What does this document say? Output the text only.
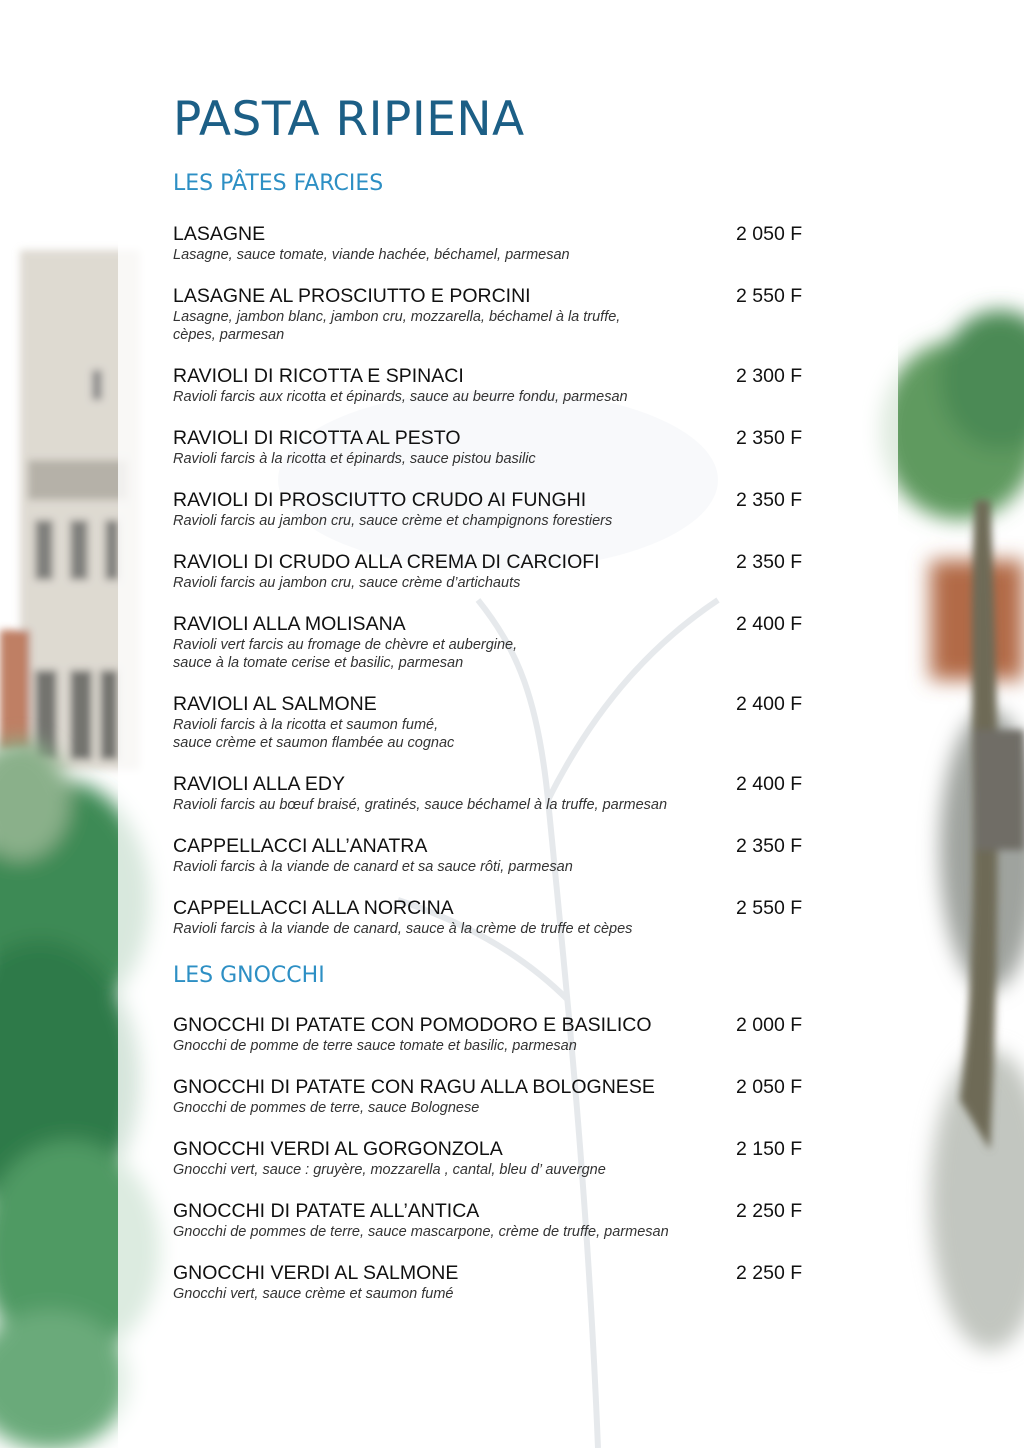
PASTA RIPIENA
LES PÂTES FARCIES
LASAGNE	2 050 F
Lasagne, sauce tomate, viande hachée, béchamel, parmesan
LASAGNE AL PROSCIUTTO E PORCINI	2 550 F
Lasagne, jambon blanc, jambon cru, mozzarella, béchamel à la truffe,
cèpes, parmesan
RAVIOLI DI RICOTTA E SPINACI	2 300 F
Ravioli farcis aux ricotta et épinards, sauce au beurre fondu, parmesan
RAVIOLI DI RICOTTA AL PESTO	2 350 F
Ravioli farcis à la ricotta et épinards, sauce pistou basilic
RAVIOLI DI PROSCIUTTO CRUDO AI FUNGHI	2 350 F
Ravioli farcis au jambon cru, sauce crème et champignons forestiers
RAVIOLI DI CRUDO ALLA CREMA DI CARCIOFI	2 350 F
Ravioli farcis au jambon cru, sauce crème d’artichauts
RAVIOLI ALLA MOLISANA	2 400 F
Ravioli vert farcis au fromage de chèvre et aubergine,
sauce à la tomate cerise et basilic, parmesan
RAVIOLI AL SALMONE	2 400 F
Ravioli farcis à la ricotta et saumon fumé,
sauce crème et saumon flambée au cognac
RAVIOLI ALLA EDY	2 400 F
Ravioli farcis au bœuf braisé, gratinés, sauce béchamel à la truffe, parmesan
CAPPELLACCI ALL’ANATRA	2 350 F
Ravioli farcis à la viande de canard et sa sauce rôti, parmesan
CAPPELLACCI ALLA NORCINA	2 550 F
Ravioli farcis à la viande de canard, sauce à la crème de truffe et cèpes
LES GNOCCHI
GNOCCHI DI PATATE CON POMODORO E BASILICO	2 000 F
Gnocchi de pomme de terre sauce tomate et basilic, parmesan
GNOCCHI DI PATATE CON RAGU ALLA BOLOGNESE	2 050 F
Gnocchi de pommes de terre, sauce Bolognese
GNOCCHI VERDI AL GORGONZOLA	2 150 F
Gnocchi vert, sauce : gruyère, mozzarella , cantal, bleu d’ auvergne
GNOCCHI DI PATATE ALL’ANTICA	2 250 F
Gnocchi de pommes de terre, sauce mascarpone, crème de truffe, parmesan
GNOCCHI VERDI AL SALMONE	2 250 F
Gnocchi vert, sauce crème et saumon fumé
